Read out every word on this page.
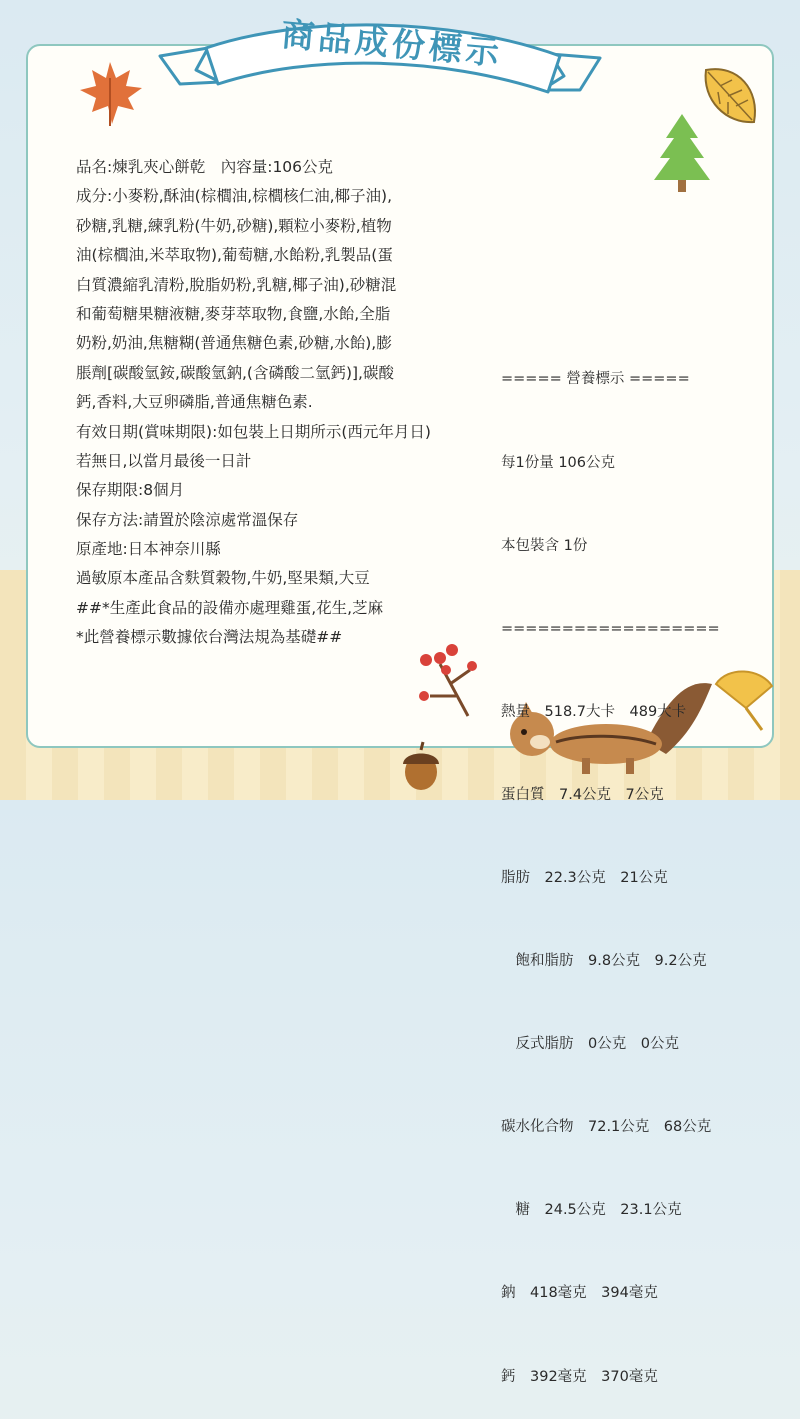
商品成份標示
品名:煉乳夾心餅乾　內容量:106公克
成分:小麥粉,酥油(棕櫚油,棕櫚核仁油,椰子油),
砂糖,乳糖,練乳粉(牛奶,砂糖),顆粒小麥粉,植物
油(棕櫚油,米萃取物),葡萄糖,水飴粉,乳製品(蛋
白質濃縮乳清粉,脫脂奶粉,乳糖,椰子油),砂糖混
和葡萄糖果糖液糖,麥芽萃取物,食鹽,水飴,全脂
奶粉,奶油,焦糖糊(普通焦糖色素,砂糖,水飴),膨
脹劑[碳酸氫銨,碳酸氫鈉,(含磷酸二氫鈣)],碳酸
鈣,香料,大豆卵磷脂,普通焦糖色素.
有效日期(賞味期限):如包裝上日期所示(西元年月日)
若無日,以當月最後一日計
保存期限:8個月
保存方法:請置於陰涼處常溫保存
原產地:日本神奈川縣
過敏原本產品含麩質穀物,牛奶,堅果類,大豆
##*生產此食品的設備亦處理雞蛋,花生,芝麻
*此營養標示數據依台灣法規為基礎##

===== 營養標示 =====

每1份量 106公克

本包裝含 1份

==================

熱量　518.7大卡　489大卡

蛋白質　7.4公克　7公克

脂肪　22.3公克　21公克

　飽和脂肪　9.8公克　9.2公克

　反式脂肪　0公克　0公克

碳水化合物　72.1公克　68公克

　糖　24.5公克　23.1公克

鈉　418毫克　394毫克

鈣　392毫克　370毫克
